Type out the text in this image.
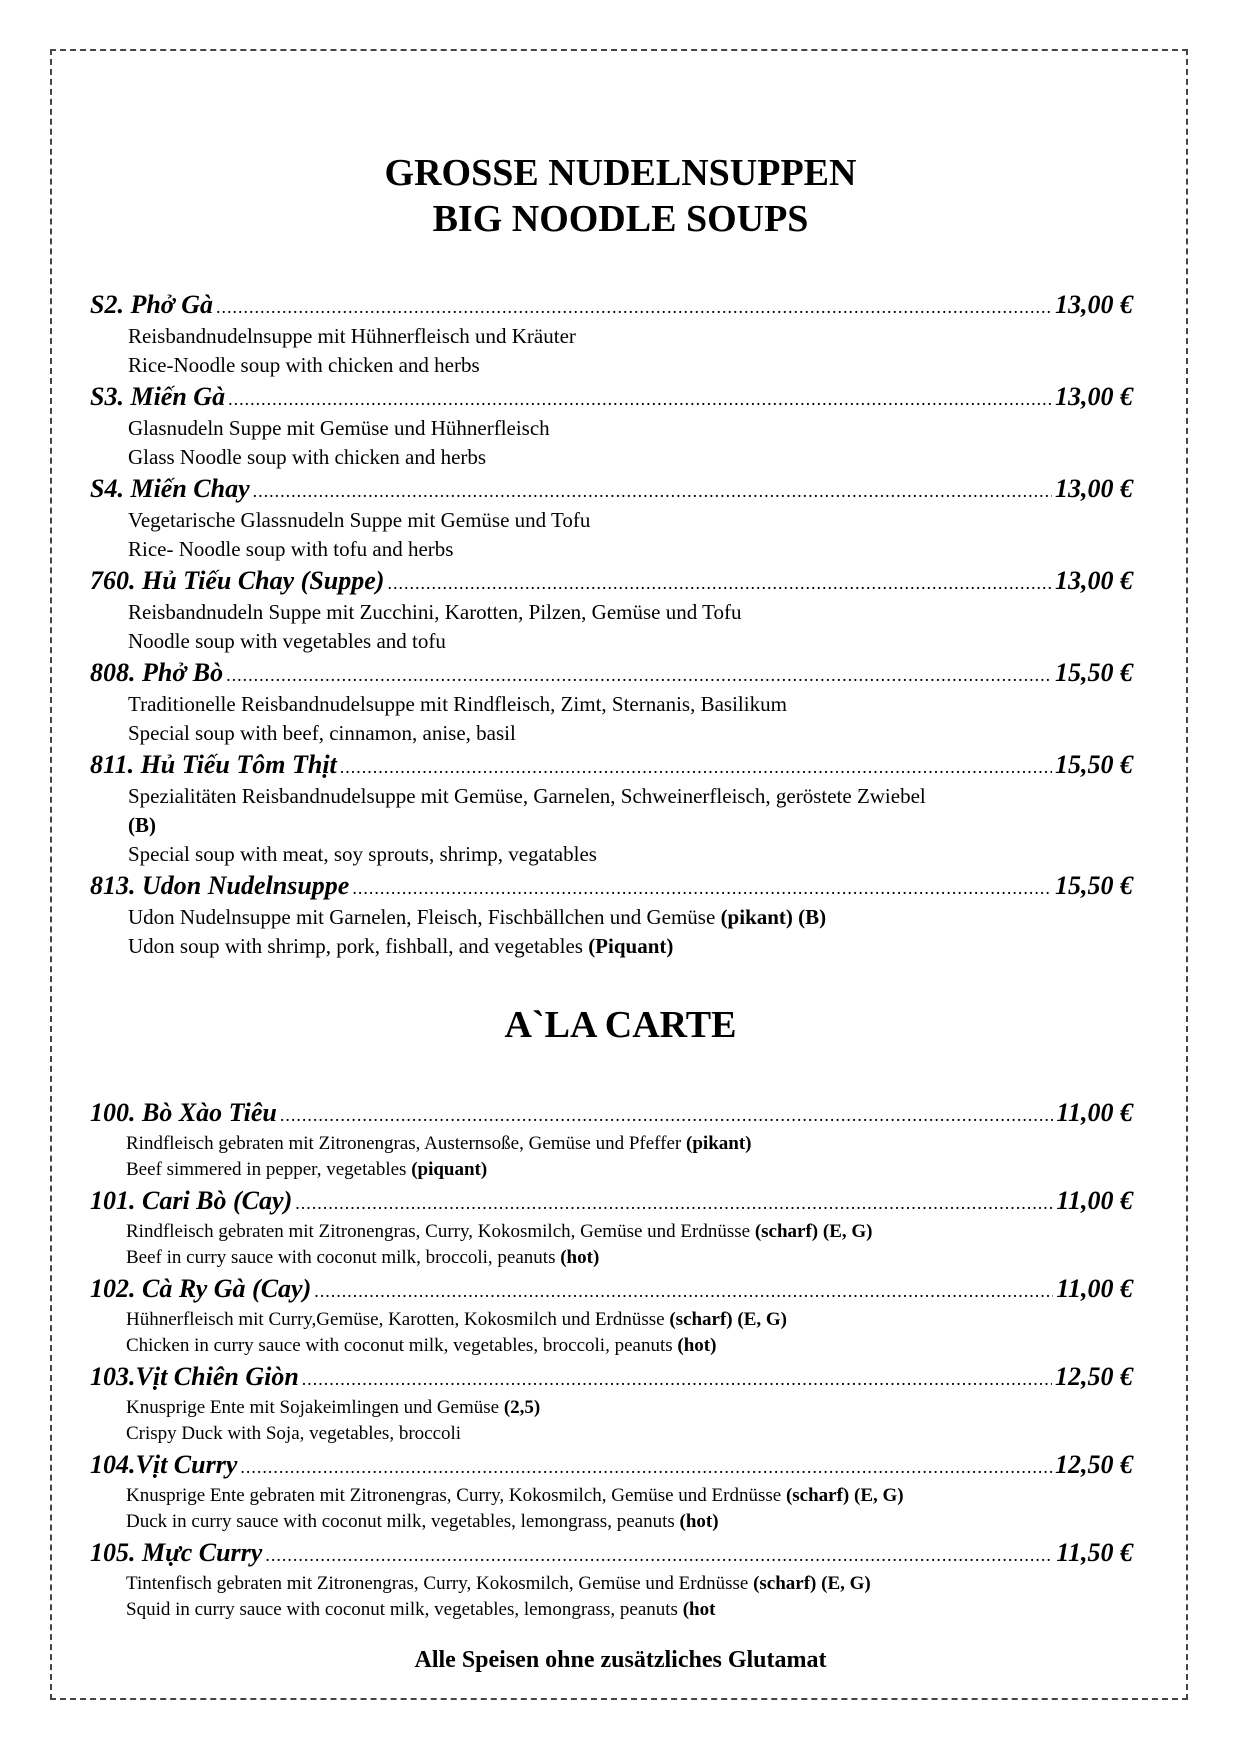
GROSSE NUDELNSUPPEN
BIG NOODLE SOUPS
S2. Phở Gà .....	13,00 €
Reisbandnudelnsuppe mit Hühnerfleisch und Kräuter
Rice-Noodle soup with chicken and herbs
S3. Miến Gà .....	13,00 €
Glasnudeln Suppe mit Gemüse und Hühnerfleisch
Glass Noodle soup with chicken and herbs
S4. Miến Chay .....	13,00 €
Vegetarische Glassnudeln Suppe mit Gemüse und Tofu
Rice- Noodle soup with tofu and herbs
760. Hủ Tiếu Chay (Suppe) .....	13,00 €
Reisbandnudeln Suppe mit Zucchini, Karotten, Pilzen, Gemüse und Tofu
Noodle soup with vegetables and tofu
808. Phở Bò .....	15,50 €
Traditionelle Reisbandnudelsuppe mit Rindfleisch, Zimt, Sternanis, Basilikum
Special soup with beef, cinnamon, anise, basil
811. Hủ Tiếu Tôm Thịt .....	15,50 €
Spezialitäten Reisbandnudelsuppe mit Gemüse, Garnelen, Schweinerfleisch, geröstete Zwiebel
(B)
Special soup with meat, soy sprouts, shrimp, vegatables
813. Udon Nudelnsuppe .....	15,50 €
Udon Nudelnsuppe mit Garnelen, Fleisch, Fischbällchen und Gemüse (pikant) (B)
Udon soup with shrimp, pork, fishball, and vegetables (Piquant)
A`LA CARTE
100. Bò Xào Tiêu .....	11,00 €
Rindfleisch gebraten mit Zitronengras, Austernsoße, Gemüse und Pfeffer (pikant)
Beef simmered in pepper, vegetables (piquant)
101. Cari Bò (Cay) .....	11,00 €
Rindfleisch gebraten mit Zitronengras, Curry, Kokosmilch, Gemüse und Erdnüsse (scharf) (E, G)
Beef in curry sauce with coconut milk, broccoli, peanuts (hot)
102. Cà Ry Gà (Cay) .....	11,00 €
Hühnerfleisch mit Curry,Gemüse, Karotten, Kokosmilch und Erdnüsse (scharf) (E, G)
Chicken in curry sauce with coconut milk, vegetables, broccoli, peanuts (hot)
103.Vịt Chiên Giòn .....	12,50 €
Knusprige Ente mit Sojakeimlingen und Gemüse (2,5)
Crispy Duck with Soja, vegetables, broccoli
104.Vịt Curry .....	12,50 €
Knusprige Ente gebraten mit Zitronengras, Curry, Kokosmilch, Gemüse und Erdnüsse (scharf) (E, G)
Duck in curry sauce with coconut milk, vegetables, lemongrass, peanuts (hot)
105. Mực Curry .....	11,50 €
Tintenfisch gebraten mit Zitronengras, Curry, Kokosmilch, Gemüse und Erdnüsse (scharf) (E, G)
Squid in curry sauce with coconut milk, vegetables, lemongrass, peanuts (hot
Alle Speisen ohne zusätzliches Glutamat
